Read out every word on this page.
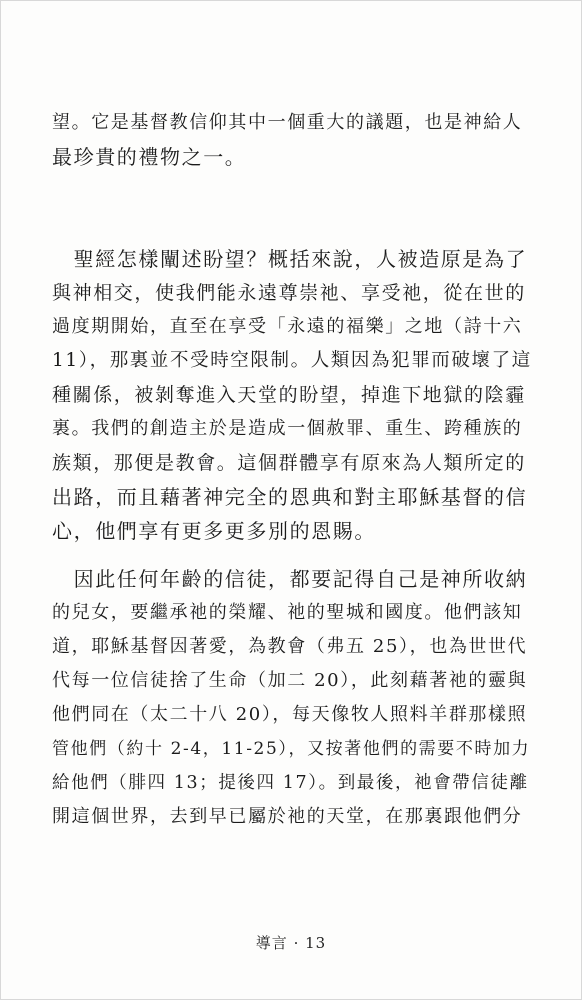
望。它是基督教信仰其中一個重大的議題，也是神給人

最珍貴的禮物之一。

　聖經怎樣闡述盼望？概括來說，人被造原是為了

與神相交，使我們能永遠尊崇祂、享受祂，從在世的

過度期開始，直至在享受「永遠的福樂」之地（詩十六

11），那裏並不受時空限制。人類因為犯罪而破壞了這

種關係，被剝奪進入天堂的盼望，掉進下地獄的陰霾

裏。我們的創造主於是造成一個赦罪、重生、跨種族的

族類，那便是教會。這個群體享有原來為人類所定的

出路，而且藉著神完全的恩典和對主耶穌基督的信

心，他們享有更多更多別的恩賜。

　因此任何年齡的信徒，都要記得自己是神所收納

的兒女，要繼承祂的榮耀、祂的聖城和國度。他們該知

道，耶穌基督因著愛，為教會（弗五 25），也為世世代

代每一位信徒捨了生命（加二 20），此刻藉著祂的靈與

他們同在（太二十八 20），每天像牧人照料羊群那樣照

管他們（約十 2-4，11-25），又按著他們的需要不時加力

給他們（腓四 13；提後四 17）。到最後，祂會帶信徒離

開這個世界，去到早已屬於祂的天堂，在那裏跟他們分

導言 · 13
